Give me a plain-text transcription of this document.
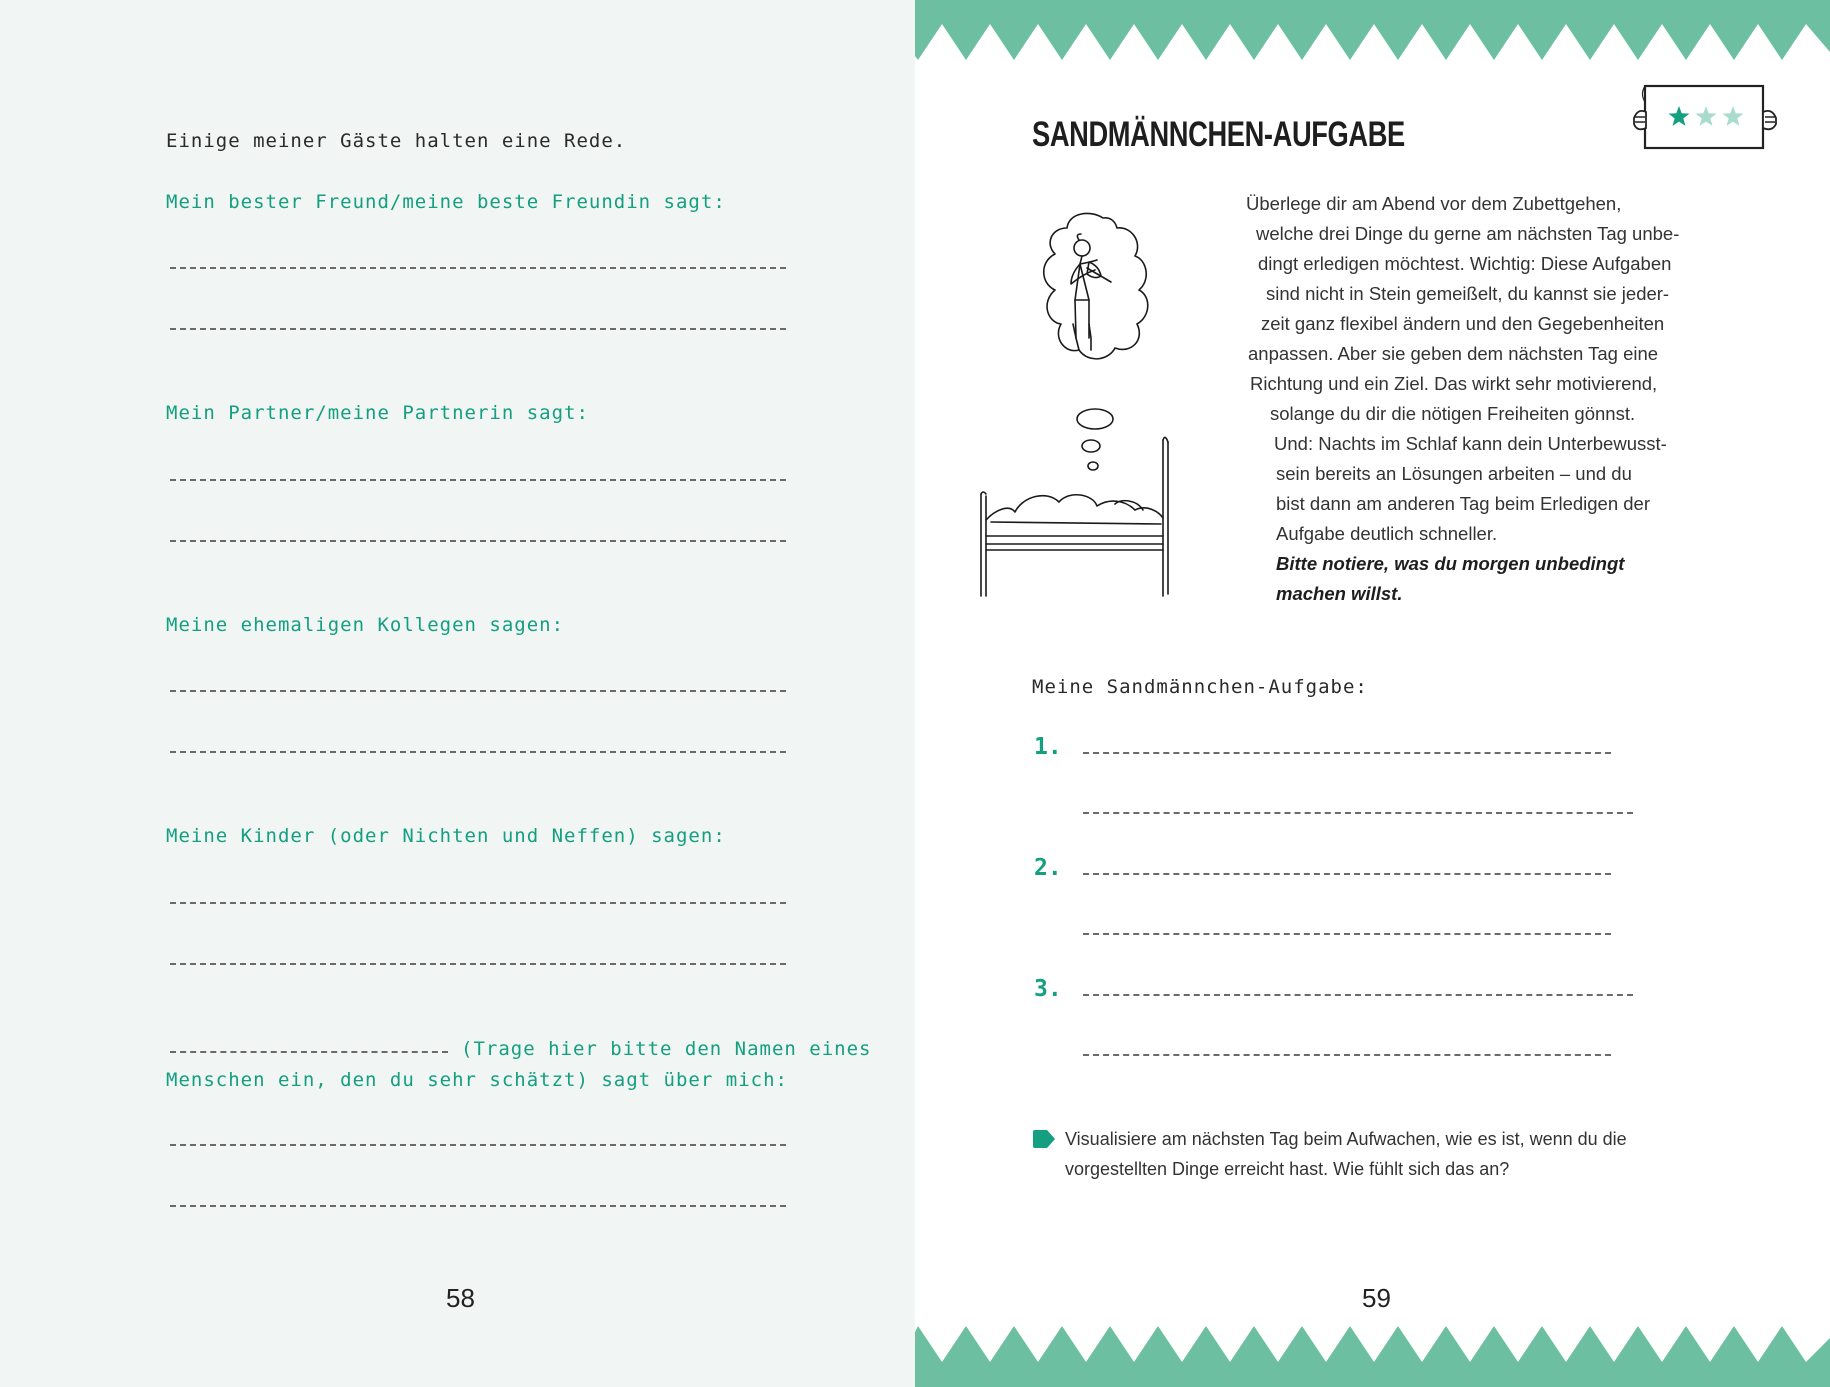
Einige meiner Gäste halten eine Rede.

Mein bester Freund/meine beste Freundin sagt:

Mein Partner/meine Partnerin sagt:

Meine ehemaligen Kollegen sagen:

Meine Kinder (oder Nichten und Neffen) sagen:

(Trage hier bitte den Namen eines

Menschen ein, den du sehr schätzt) sagt über mich:

58
SANDMÄNNCHEN-AUFGABE

Überlege dir am Abend vor dem Zubettgehen,

welche drei Dinge du gerne am nächsten Tag unbe-

dingt erledigen möchtest. Wichtig: Diese Aufgaben

sind nicht in Stein gemeißelt, du kannst sie jeder-

zeit ganz flexibel ändern und den Gegebenheiten

anpassen. Aber sie geben dem nächsten Tag eine

Richtung und ein Ziel. Das wirkt sehr motivierend,

solange du dir die nötigen Freiheiten gönnst.

Und: Nachts im Schlaf kann dein Unterbewusst-

sein bereits an Lösungen arbeiten – und du

bist dann am anderen Tag beim Erledigen der

Aufgabe deutlich schneller.

Bitte notiere, was du morgen unbedingt

machen willst.

Meine Sandmännchen-Aufgabe:

1.
2.
3.

Visualisiere am nächsten Tag beim Aufwachen, wie es ist, wenn du die

vorgestellten Dinge erreicht hast. Wie fühlt sich das an?

59
